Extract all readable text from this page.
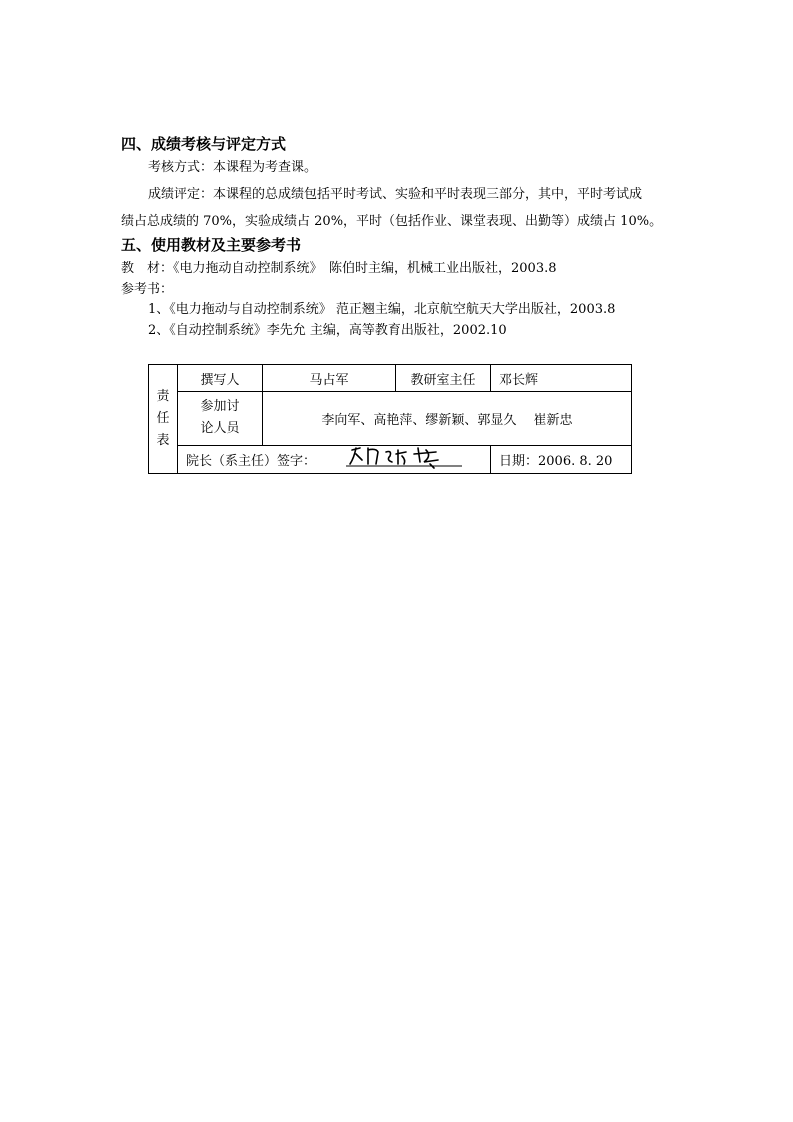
四、成绩考核与评定方式
考核方式：本课程为考查课。
成绩评定：本课程的总成绩包括平时考试、实验和平时表现三部分，其中，平时考试成
绩占总成绩的 70%，实验成绩占 20%，平时（包括作业、课堂表现、出勤等）成绩占 10%。
五、使用教材及主要参考书
教　材：《电力拖动自动控制系统》　陈伯时主编，机械工业出版社，2003.8
参考书：
1、《电力拖动与自动控制系统》 范正翘主编，北京航空航天大学出版社，2003.8
2、《自动控制系统》李先允 主编，高等教育出版社，2002.10
责
任
表	撰写人	马占军	教研室主任	邓长辉

	参加讨
论人员	李向军、高艳萍、缪新颖、郭显久　 崔新忠		

	院长（系主任）签字：			日期：2006. 8. 20
